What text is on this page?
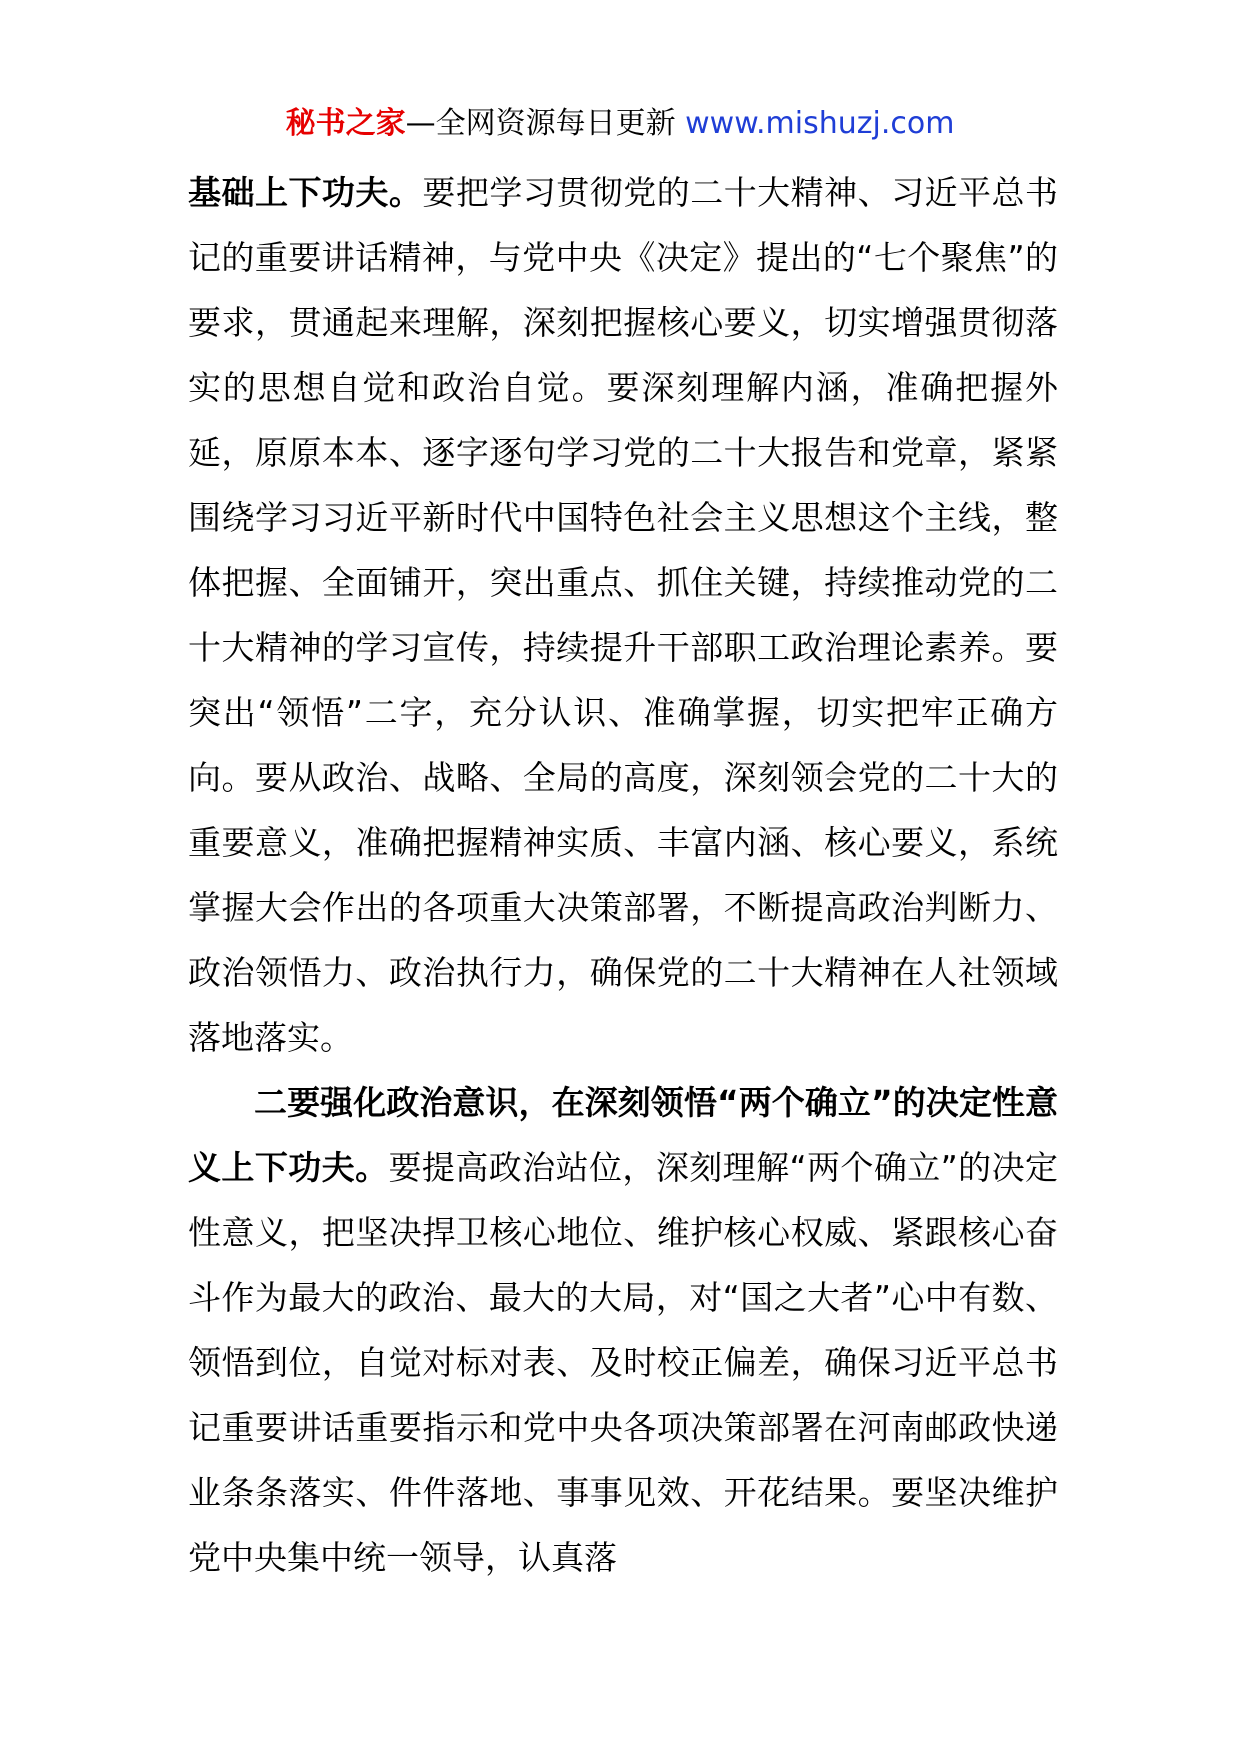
秘书之家—全网资源每日更新 www.mishuzj.com

基础上下功夫。要把学习贯彻党的二十大精神、习近平总书记的重要讲话精神，与党中央《决定》提出的“七个聚焦”的要求，贯通起来理解，深刻把握核心要义，切实增强贯彻落实的思想自觉和政治自觉。要深刻理解内涵，准确把握外延，原原本本、逐字逐句学习党的二十大报告和党章，紧紧围绕学习习近平新时代中国特色社会主义思想这个主线，整体把握、全面铺开，突出重点、抓住关键，持续推动党的二十大精神的学习宣传，持续提升干部职工政治理论素养。要突出“领悟”二字，充分认识、准确掌握，切实把牢正确方向。要从政治、战略、全局的高度，深刻领会党的二十大的重要意义，准确把握精神实质、丰富内涵、核心要义，系统掌握大会作出的各项重大决策部署，不断提高政治判断力、政治领悟力、政治执行力，确保党的二十大精神在人社领域落地落实。

二要强化政治意识，在深刻领悟“两个确立”的决定性意义上下功夫。要提高政治站位，深刻理解“两个确立”的决定性意义，把坚决捍卫核心地位、维护核心权威、紧跟核心奋斗作为最大的政治、最大的大局，对“国之大者”心中有数、领悟到位，自觉对标对表、及时校正偏差，确保习近平总书记重要讲话重要指示和党中央各项决策部署在河南邮政快递业条条落实、件件落地、事事见效、开花结果。要坚决维护党中央集中统一领导，认真落
